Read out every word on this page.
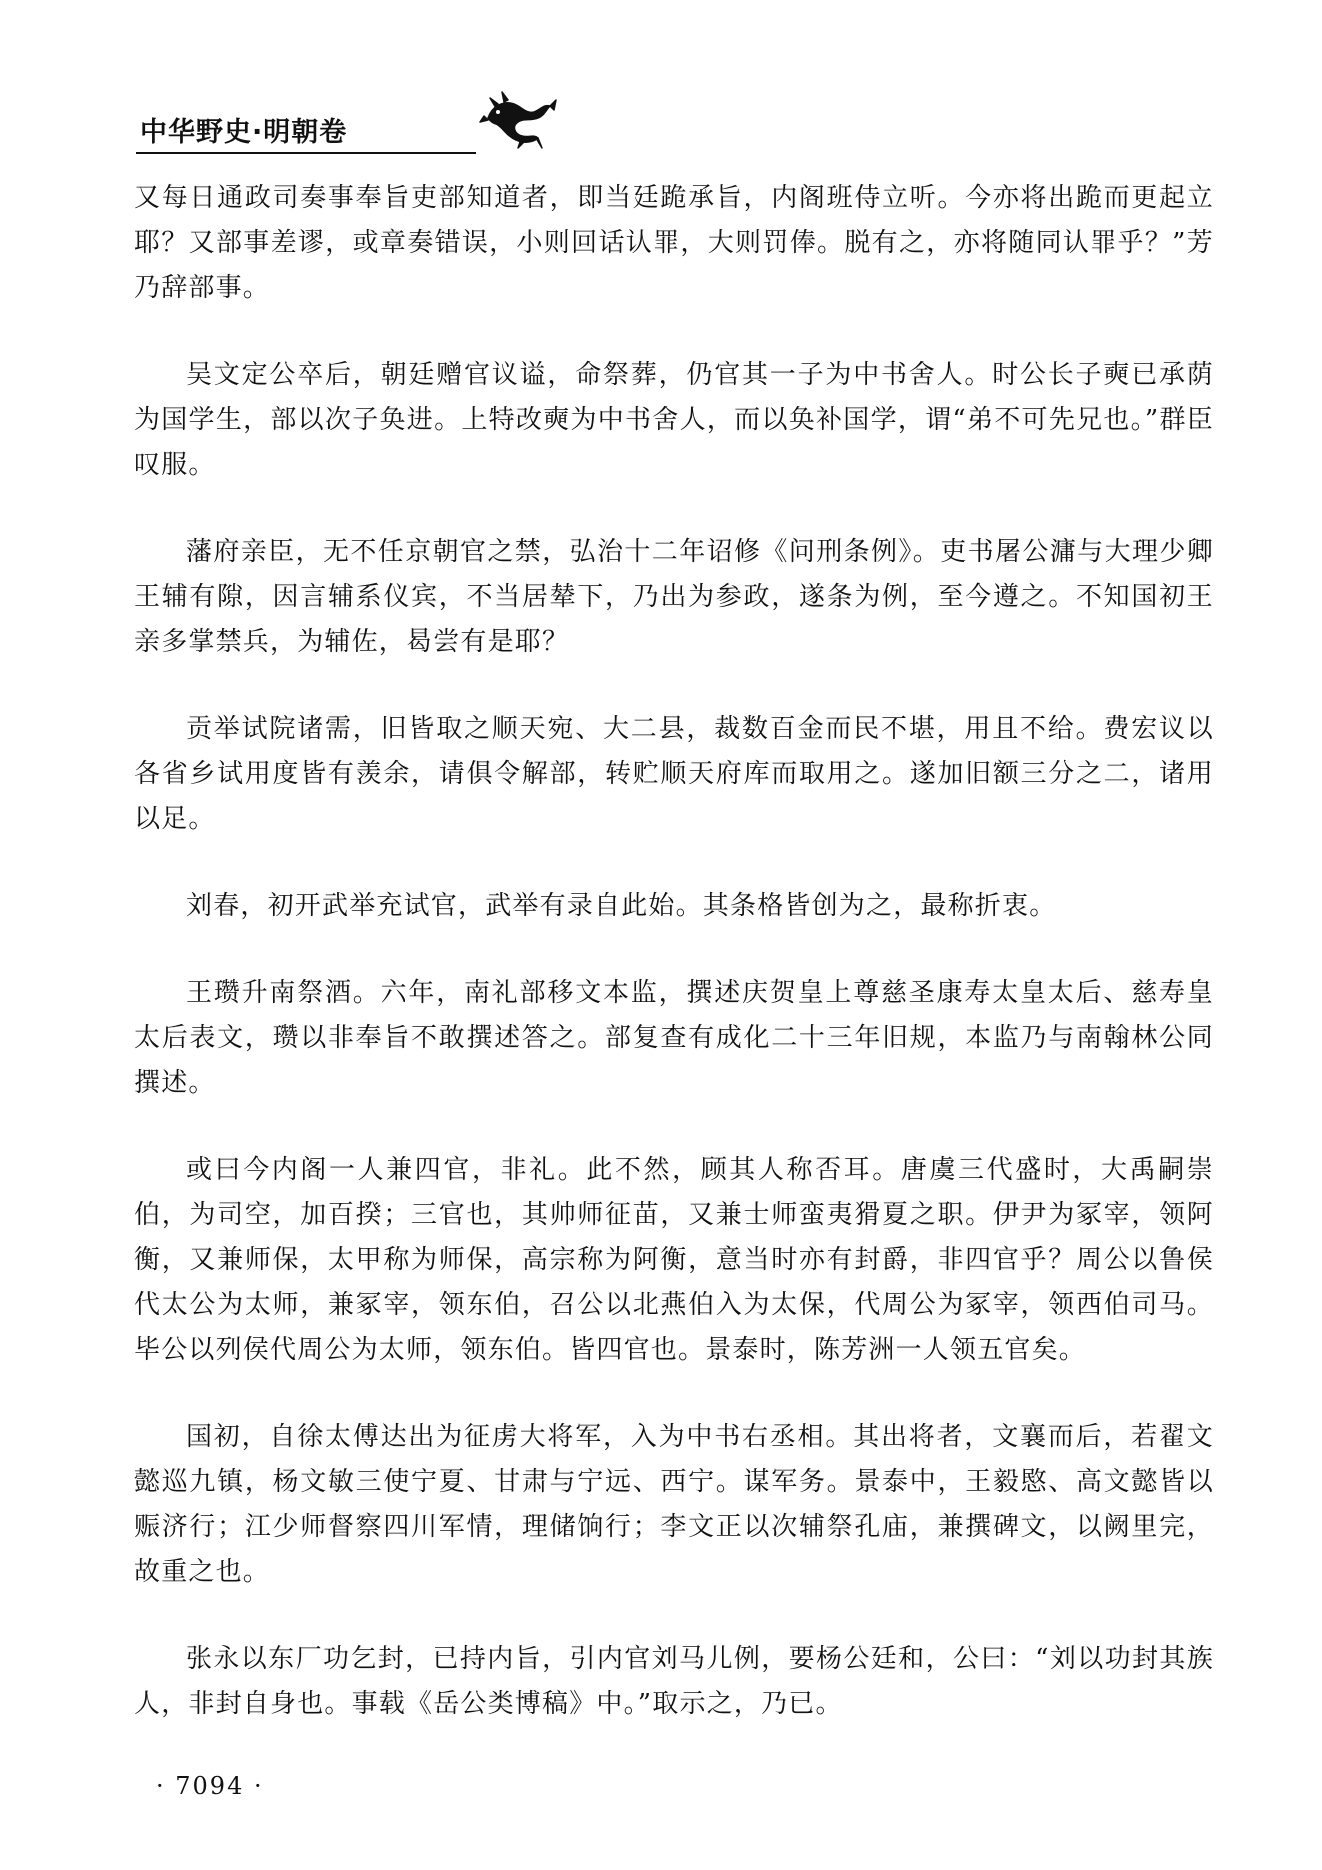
中华野史·明朝卷

又每日通政司奏事奉旨吏部知道者，即当廷跪承旨，内阁班侍立听。今亦将出跪而更起立耶？又部事差谬，或章奏错误，小则回话认罪，大则罚俸。脱有之，亦将随同认罪乎？”芳乃辞部事。

吴文定公卒后，朝廷赠官议谥，命祭葬，仍官其一子为中书舍人。时公长子奭已承荫为国学生，部以次子奂进。上特改奭为中书舍人，而以奂补国学，谓“弟不可先兄也。”群臣叹服。

藩府亲臣，无不任京朝官之禁，弘治十二年诏修《问刑条例》。吏书屠公滽与大理少卿王辅有隙，因言辅系仪宾，不当居辇下，乃出为参政，遂条为例，至今遵之。不知国初王亲多掌禁兵，为辅佐，曷尝有是耶？

贡举试院诸需，旧皆取之顺天宛、大二县，裁数百金而民不堪，用且不给。费宏议以各省乡试用度皆有羡余，请俱令解部，转贮顺天府库而取用之。遂加旧额三分之二，诸用以足。

刘春，初开武举充试官，武举有录自此始。其条格皆创为之，最称折衷。

王瓒升南祭酒。六年，南礼部移文本监，撰述庆贺皇上尊慈圣康寿太皇太后、慈寿皇太后表文，瓒以非奉旨不敢撰述答之。部复查有成化二十三年旧规，本监乃与南翰林公同撰述。

或曰今内阁一人兼四官，非礼。此不然，顾其人称否耳。唐虞三代盛时，大禹嗣崇伯，为司空，加百揆；三官也，其帅师征苗，又兼士师蛮夷猾夏之职。伊尹为冢宰，领阿衡，又兼师保，太甲称为师保，高宗称为阿衡，意当时亦有封爵，非四官乎？周公以鲁侯代太公为太师，兼冢宰，领东伯，召公以北燕伯入为太保，代周公为冢宰，领西伯司马。毕公以列侯代周公为太师，领东伯。皆四官也。景泰时，陈芳洲一人领五官矣。

国初，自徐太傅达出为征虏大将军，入为中书右丞相。其出将者，文襄而后，若翟文懿巡九镇，杨文敏三使宁夏、甘肃与宁远、西宁。谋军务。景泰中，王毅愍、高文懿皆以赈济行；江少师督察四川军情，理储饷行；李文正以次辅祭孔庙，兼撰碑文，以阙里完，故重之也。

张永以东厂功乞封，已持内旨，引内官刘马儿例，要杨公廷和，公曰：“刘以功封其族人，非封自身也。事载《岳公类博稿》中。”取示之，乃已。

· 7094 ·
